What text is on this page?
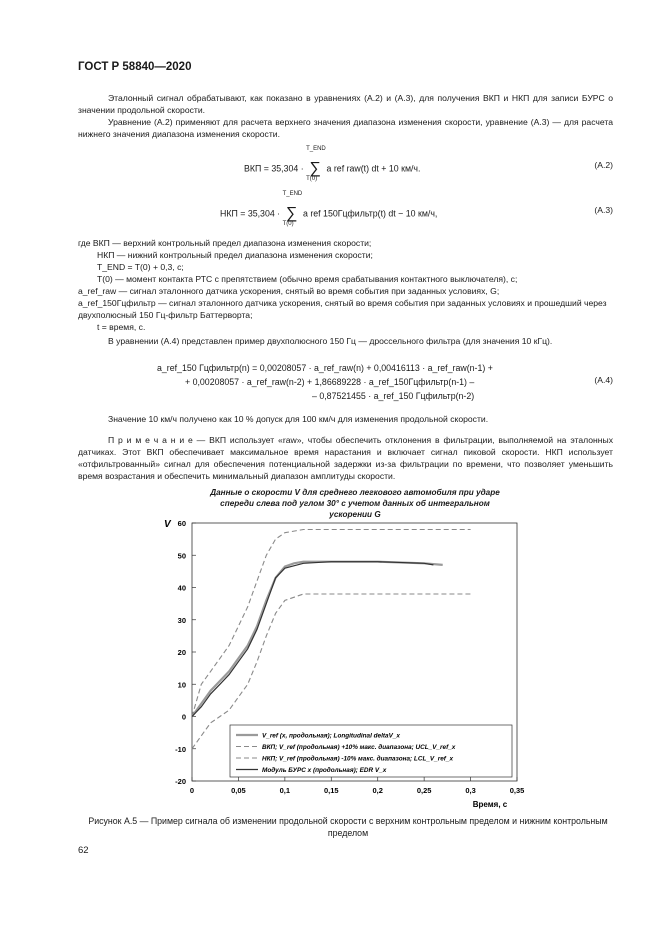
ГОСТ Р 58840—2020
Эталонный сигнал обрабатывают, как показано в уравнениях (А.2) и (А.3), для получения ВКП и НКП для записи БУРС о значении продольной скорости.
Уравнение (А.2) применяют для расчета верхнего значения диапазона изменения скорости, уравнение (А.3) — для расчета нижнего значения диапазона изменения скорости.
ВКП = 35,304 ·
T_END
∑
T(0)
a ref raw(t) dt + 10 км/ч.	(А.2)
НКП = 35,304 ·
T_END
∑
T(0)
a ref 150Гцфильтр(t) dt − 10 км/ч,	(А.3)
где ВКП — верхний контрольный предел диапазона изменения скорости;
НКП — нижний контрольный предел диапазона изменения скорости;
T_END = T(0) + 0,3, с;
T(0) — момент контакта РТС с препятствием (обычно время срабатывания контактного выключателя), с;
a_ref_raw — сигнал эталонного датчика ускорения, снятый во время события при заданных условиях, G;
a_ref_150Гцфильтр — сигнал эталонного датчика ускорения, снятый во время события при заданных условиях и прошедший через двухполюсный 150 Гц-фильтр Баттерворта;
t = время, с.
В уравнении (А.4) представлен пример двухполюсного 150 Гц — дроссельного фильтра (для значения 10 кГц).
a_ref_150 Гцфильтр(n) = 0,00208057 · a_ref_raw(n) + 0,00416113 · a_ref_raw(n-1) +
+ 0,00208057 · a_ref_raw(n-2) + 1,86689228 · a_ref_150Гцфильтр(n-1) –
– 0,87521455 · a_ref_150 Гцфильтр(n-2)
(А.4)
Значение 10 км/ч получено как 10 % допуск для 100 км/ч для изменения продольной скорости.
П р и м е ч а н и е — ВКП использует «raw», чтобы обеспечить отклонения в фильтрации, выполняемой на эталонных датчиках. Этот ВКП обеспечивает максимальное время нарастания и включает сигнал пиковой скорости. НКП использует «отфильтрованный» сигнал для обеспечения потенциальной задержки из-за фильтрации по времени, что позволяет уменьшить время возрастания и обеспечить минимальный диапазон амплитуды скорости.
Данные о скорости V для среднего легкового автомобиля при ударе спереди слева под углом 30° с учетом данных об интегральном ускорении G
-20
-10
0
10
20
30
40
50
60
0	0,05	0,1	0,15	0,2	0,25	0,3	0,35
V
Время, с
V_ref (x, продольная); Longitudinal deltaV_x
ВКП; V_ref (продольная) +10% макс. диапазона; UCL_V_ref_x
НКП; V_ref (продольная) -10% макс. диапазона; LCL_V_ref_x
Модуль БУРС x (продольная); EDR V_x
Рисунок А.5 — Пример сигнала об изменении продольной скорости с верхним контрольным пределом и нижним контрольным пределом
62
